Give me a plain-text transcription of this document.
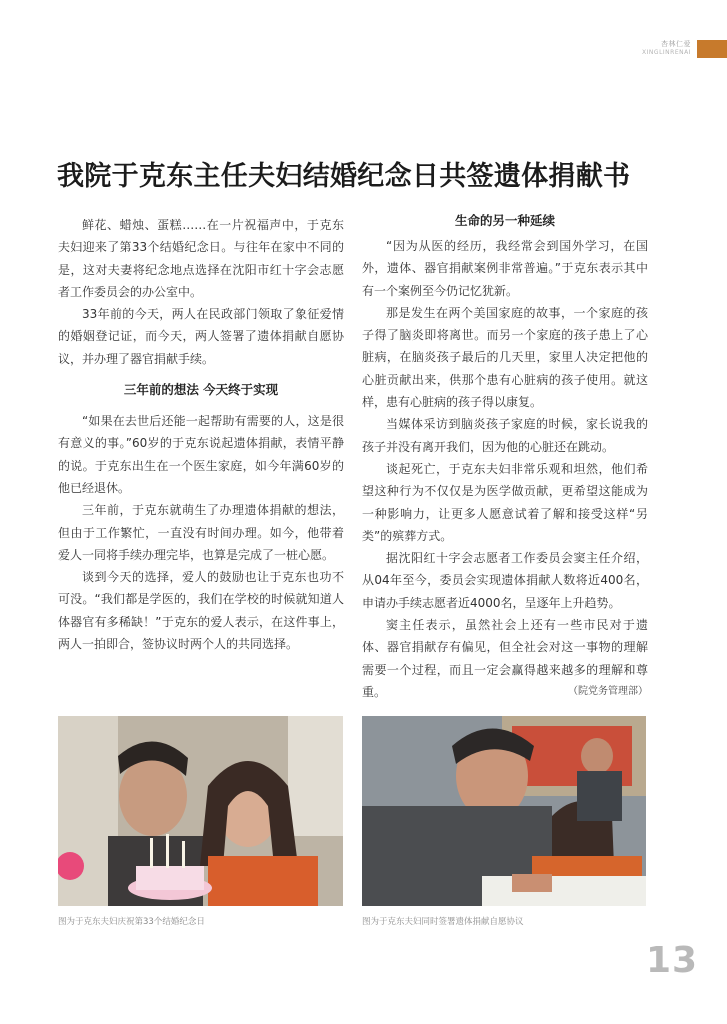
杏林仁爱
XINGLINRENAI
我院于克东主任夫妇结婚纪念日共签遗体捐献书

鲜花、蜡烛、蛋糕……在一片祝福声中，于克东夫妇迎来了第33个结婚纪念日。与往年在家中不同的是，这对夫妻将纪念地点选择在沈阳市红十字会志愿者工作委员会的办公室中。

33年前的今天，两人在民政部门领取了象征爱情的婚姻登记证，而今天，两人签署了遗体捐献自愿协议，并办理了器官捐献手续。

三年前的想法 今天终于实现

“如果在去世后还能一起帮助有需要的人，这是很有意义的事。”60岁的于克东说起遗体捐献，表情平静的说。于克东出生在一个医生家庭，如今年满60岁的他已经退休。

三年前，于克东就萌生了办理遗体捐献的想法，但由于工作繁忙，一直没有时间办理。如今，他带着爱人一同将手续办理完毕，也算是完成了一桩心愿。

谈到今天的选择，爱人的鼓励也让于克东也功不可没。“我们都是学医的，我们在学校的时候就知道人体器官有多稀缺！”于克东的爱人表示，在这件事上，两人一拍即合，签协议时两个人的共同选择。

生命的另一种延续

“因为从医的经历，我经常会到国外学习，在国外，遗体、器官捐献案例非常普遍。”于克东表示其中有一个案例至今仍记忆犹新。

那是发生在两个美国家庭的故事，一个家庭的孩子得了脑炎即将离世。而另一个家庭的孩子患上了心脏病，在脑炎孩子最后的几天里，家里人决定把他的心脏贡献出来，供那个患有心脏病的孩子使用。就这样，患有心脏病的孩子得以康复。

当媒体采访到脑炎孩子家庭的时候，家长说我的孩子并没有离开我们，因为他的心脏还在跳动。

谈起死亡，于克东夫妇非常乐观和坦然，他们希望这种行为不仅仅是为医学做贡献，更希望这能成为一种影响力，让更多人愿意试着了解和接受这样“另类”的殡葬方式。

据沈阳红十字会志愿者工作委员会窦主任介绍，从04年至今，委员会实现遗体捐献人数将近400名，申请办手续志愿者近4000名，呈逐年上升趋势。

窦主任表示，虽然社会上还有一些市民对于遗体、器官捐献存有偏见，但全社会对这一事物的理解需要一个过程，而且一定会赢得越来越多的理解和尊重。	（院党务管理部）

图为于克东夫妇庆祝第33个结婚纪念日	图为于克东夫妇同时签署遗体捐献自愿协议
13
